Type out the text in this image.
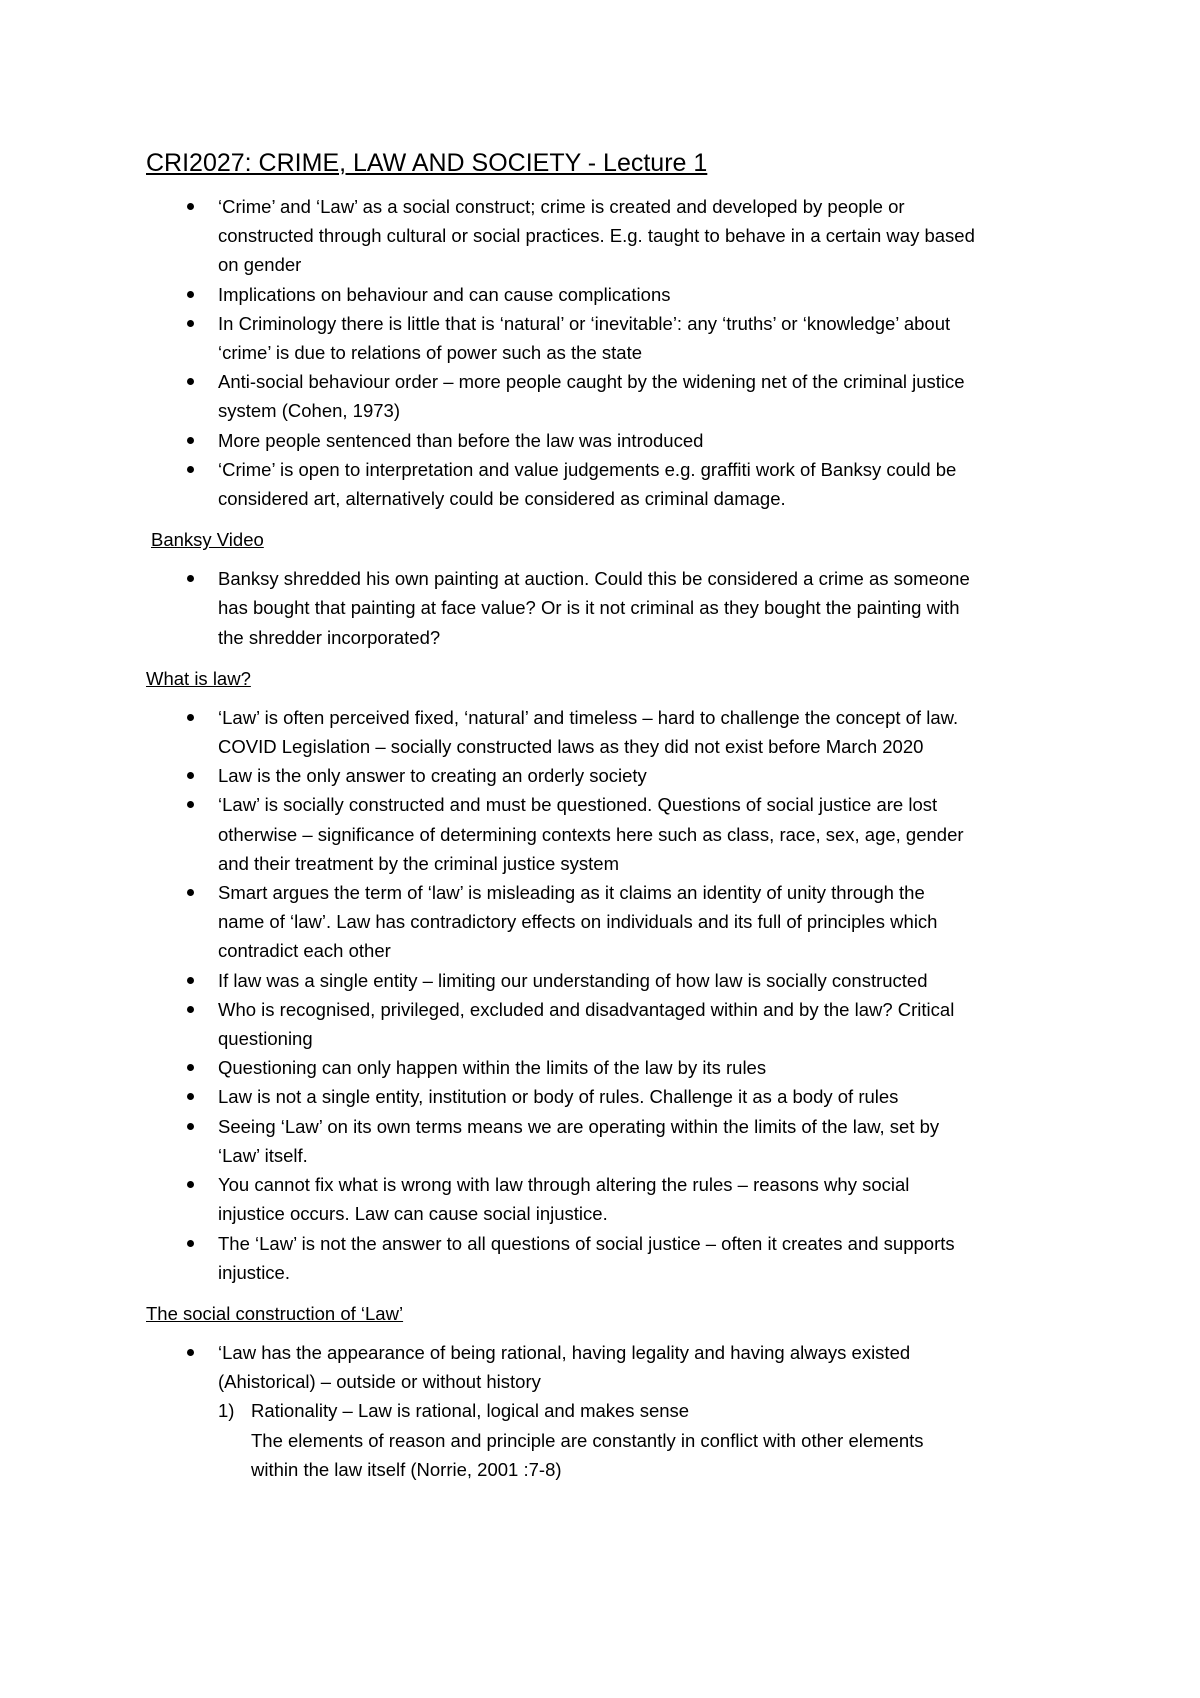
CRI2027: CRIME, LAW AND SOCIETY - Lecture 1
‘Crime’ and ‘Law’ as a social construct; crime is created and developed by people or
constructed through cultural or social practices. E.g. taught to behave in a certain way based
on gender
Implications on behaviour and can cause complications
In Criminology there is little that is ‘natural’ or ‘inevitable’: any ‘truths’ or ‘knowledge’ about
‘crime’ is due to relations of power such as the state
Anti-social behaviour order – more people caught by the widening net of the criminal justice
system (Cohen, 1973)
More people sentenced than before the law was introduced
‘Crime’ is open to interpretation and value judgements e.g. graffiti work of Banksy could be
considered art, alternatively could be considered as criminal damage.
Banksy Video
Banksy shredded his own painting at auction. Could this be considered a crime as someone
has bought that painting at face value? Or is it not criminal as they bought the painting with
the shredder incorporated?
What is law?
‘Law’ is often perceived fixed, ‘natural’ and timeless – hard to challenge the concept of law.
COVID Legislation – socially constructed laws as they did not exist before March 2020
Law is the only answer to creating an orderly society
‘Law’ is socially constructed and must be questioned. Questions of social justice are lost
otherwise – significance of determining contexts here such as class, race, sex, age, gender
and their treatment by the criminal justice system
Smart argues the term of ‘law’ is misleading as it claims an identity of unity through the
name of ‘law’. Law has contradictory effects on individuals and its full of principles which
contradict each other
If law was a single entity – limiting our understanding of how law is socially constructed
Who is recognised, privileged, excluded and disadvantaged within and by the law? Critical
questioning
Questioning can only happen within the limits of the law by its rules
Law is not a single entity, institution or body of rules. Challenge it as a body of rules
Seeing ‘Law’ on its own terms means we are operating within the limits of the law, set by
‘Law’ itself.
You cannot fix what is wrong with law through altering the rules – reasons why social
injustice occurs. Law can cause social injustice.
The ‘Law’ is not the answer to all questions of social justice – often it creates and supports
injustice.
The social construction of ‘Law’
‘Law has the appearance of being rational, having legality and having always existed
(Ahistorical) – outside or without history
1) Rationality – Law is rational, logical and makes sense
The elements of reason and principle are constantly in conflict with other elements
within the law itself (Norrie, 2001 :7-8)
